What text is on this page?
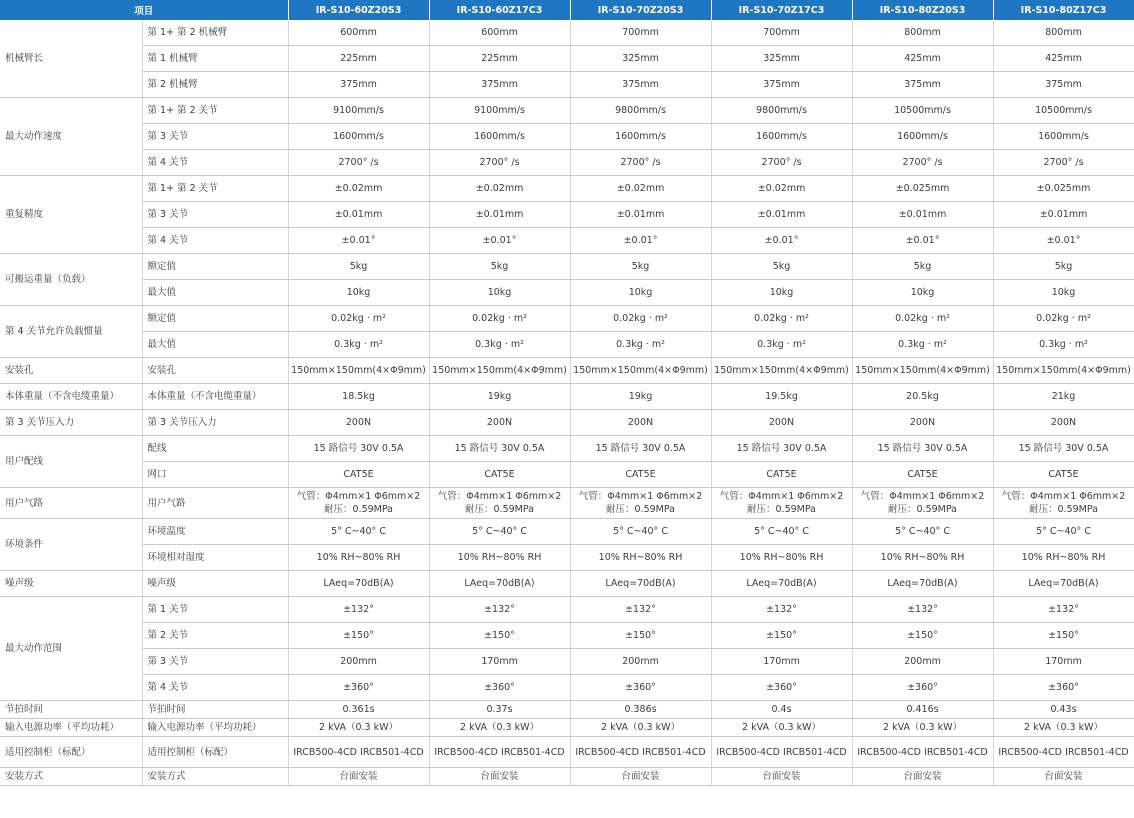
项目		IR-S10-60Z20S3	IR-S10-60Z17C3	IR-S10-70Z20S3	IR-S10-70Z17C3	IR-S10-80Z20S3	IR-S10-80Z17C3
机械臂长	第 1+ 第 2 机械臂	600mm	600mm	700mm	700mm	800mm	800mm
	第 1 机械臂	225mm	225mm	325mm	325mm	425mm	425mm
	第 2 机械臂	375mm	375mm	375mm	375mm	375mm	375mm
最大动作速度	第 1+ 第 2 关节	9100mm/s	9100mm/s	9800mm/s	9800mm/s	10500mm/s	10500mm/s
	第 3 关节	1600mm/s	1600mm/s	1600mm/s	1600mm/s	1600mm/s	1600mm/s
	第 4 关节	2700° /s	2700° /s	2700° /s	2700° /s	2700° /s	2700° /s
重复精度	第 1+ 第 2 关节	±0.02mm	±0.02mm	±0.02mm	±0.02mm	±0.025mm	±0.025mm
	第 3 关节	±0.01mm	±0.01mm	±0.01mm	±0.01mm	±0.01mm	±0.01mm
	第 4 关节	±0.01°	±0.01°	±0.01°	±0.01°	±0.01°	±0.01°
可搬运重量（负载）	额定值	5kg	5kg	5kg	5kg	5kg	5kg
	最大值	10kg	10kg	10kg	10kg	10kg	10kg
第 4 关节允许负载惯量	额定值	0.02kg · m²	0.02kg · m²	0.02kg · m²	0.02kg · m²	0.02kg · m²	0.02kg · m²
	最大值	0.3kg · m²	0.3kg · m²	0.3kg · m²	0.3kg · m²	0.3kg · m²	0.3kg · m²
安装孔	安装孔	150mm×150mm(4×Φ9mm)	150mm×150mm(4×Φ9mm)	150mm×150mm(4×Φ9mm)	150mm×150mm(4×Φ9mm)	150mm×150mm(4×Φ9mm)	150mm×150mm(4×Φ9mm)
本体重量（不含电缆重量）	本体重量（不含电缆重量）	18.5kg	19kg	19kg	19.5kg	20.5kg	21kg
第 3 关节压入力	第 3 关节压入力	200N	200N	200N	200N	200N	200N
用户配线	配线	15 路信号 30V 0.5A	15 路信号 30V 0.5A	15 路信号 30V 0.5A	15 路信号 30V 0.5A	15 路信号 30V 0.5A	15 路信号 30V 0.5A
	网口	CAT5E	CAT5E	CAT5E	CAT5E	CAT5E	CAT5E
用户气路	用户气路	气管：Φ4mm×1 Φ6mm×2 耐压：0.59MPa	气管：Φ4mm×1 Φ6mm×2 耐压：0.59MPa	气管：Φ4mm×1 Φ6mm×2 耐压：0.59MPa	气管：Φ4mm×1 Φ6mm×2 耐压：0.59MPa	气管：Φ4mm×1 Φ6mm×2 耐压：0.59MPa	气管：Φ4mm×1 Φ6mm×2 耐压：0.59MPa
环境条件	环境温度	5° C~40° C	5° C~40° C	5° C~40° C	5° C~40° C	5° C~40° C	5° C~40° C
	环境相对湿度	10% RH~80% RH	10% RH~80% RH	10% RH~80% RH	10% RH~80% RH	10% RH~80% RH	10% RH~80% RH
噪声级	噪声级	LAeq=70dB(A)	LAeq=70dB(A)	LAeq=70dB(A)	LAeq=70dB(A)	LAeq=70dB(A)	LAeq=70dB(A)
最大动作范围	第 1 关节	±132°	±132°	±132°	±132°	±132°	±132°
	第 2 关节	±150°	±150°	±150°	±150°	±150°	±150°
	第 3 关节	200mm	170mm	200mm	170mm	200mm	170mm
	第 4 关节	±360°	±360°	±360°	±360°	±360°	±360°
节拍时间	节拍时间	0.361s	0.37s	0.386s	0.4s	0.416s	0.43s
输入电源功率（平均功耗）	输入电源功率（平均功耗）	2 kVA（0.3 kW）	2 kVA（0.3 kW）	2 kVA（0.3 kW）	2 kVA（0.3 kW）	2 kVA（0.3 kW）	2 kVA（0.3 kW）
适用控制柜（标配）	适用控制柜（标配）	IRCB500-4CD IRCB501-4CD	IRCB500-4CD IRCB501-4CD	IRCB500-4CD IRCB501-4CD	IRCB500-4CD IRCB501-4CD	IRCB500-4CD IRCB501-4CD	IRCB500-4CD IRCB501-4CD
安装方式	安装方式	台面安装	台面安装	台面安装	台面安装	台面安装	台面安装
